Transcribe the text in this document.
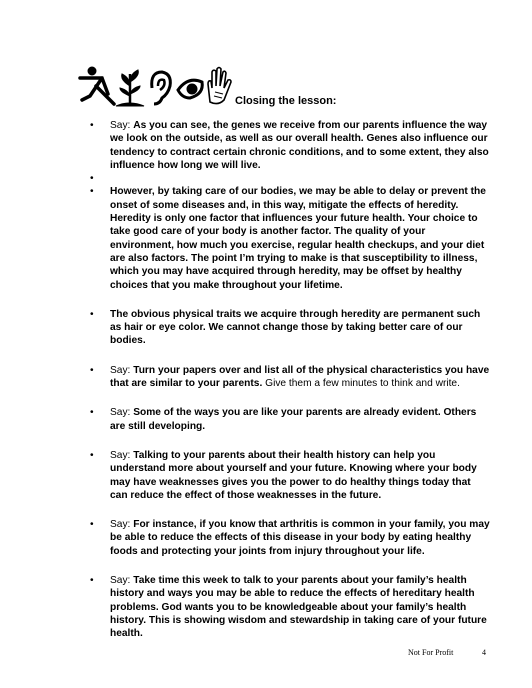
Closing the lesson:
• Say: As you can see, the genes we receive from our parents influence the way we look on the outside, as well as our overall health. Genes also influence our tendency to contract certain chronic conditions, and to some extent, they also influence how long we will live.
•
• However, by taking care of our bodies, we may be able to delay or prevent the onset of some diseases and, in this way, mitigate the effects of heredity. Heredity is only one factor that influences your future health. Your choice to take good care of your body is another factor. The quality of your environment, how much you exercise, regular health checkups, and your diet are also factors. The point I’m trying to make is that susceptibility to illness, which you may have acquired through heredity, may be offset by healthy choices that you make throughout your lifetime.
• The obvious physical traits we acquire through heredity are permanent such as hair or eye color. We cannot change those by taking better care of our bodies.
• Say: Turn your papers over and list all of the physical characteristics you have that are similar to your parents. Give them a few minutes to think and write.
• Say: Some of the ways you are like your parents are already evident. Others are still developing.
• Say: Talking to your parents about their health history can help you understand more about yourself and your future. Knowing where your body may have weaknesses gives you the power to do healthy things today that can reduce the effect of those weaknesses in the future.
• Say: For instance, if you know that arthritis is common in your family, you may be able to reduce the effects of this disease in your body by eating healthy foods and protecting your joints from injury throughout your life.
• Say: Take time this week to talk to your parents about your family’s health history and ways you may be able to reduce the effects of hereditary health problems. God wants you to be knowledgeable about your family’s health history. This is showing wisdom and stewardship in taking care of your future health.
Not For Profit	4
